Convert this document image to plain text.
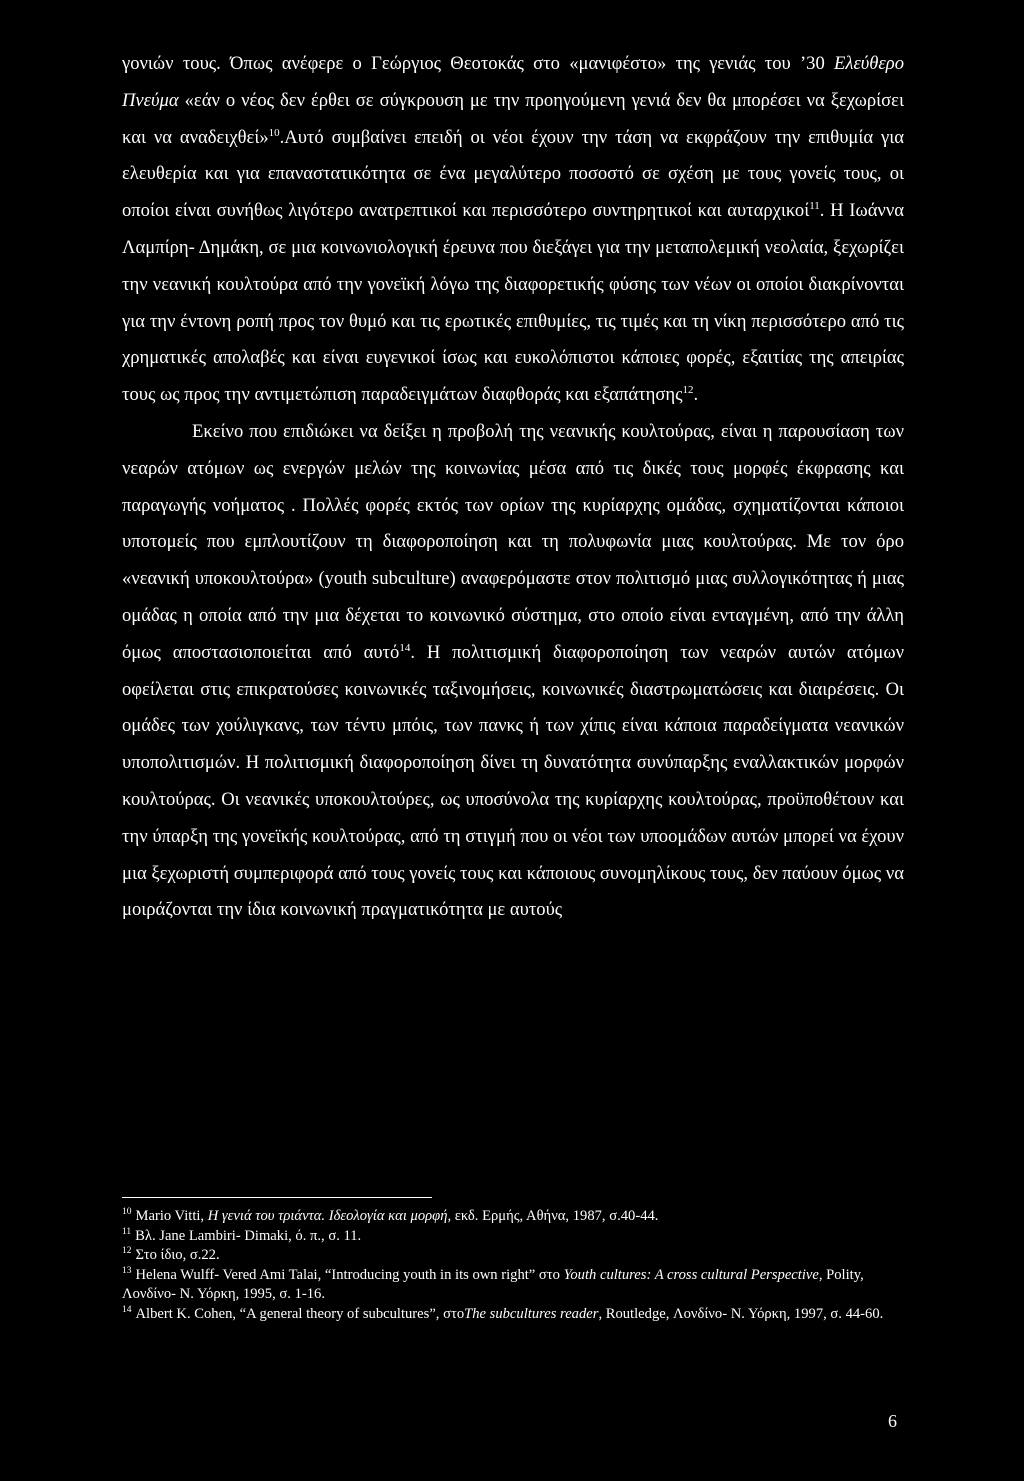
γονιών τους. Όπως ανέφερε ο Γεώργιος Θεοτοκάς στο «μανιφέστο» της γενιάς του ’30 Ελεύθερο Πνεύμα «εάν ο νέος δεν έρθει σε σύγκρουση με την προηγούμενη γενιά δεν θα μπορέσει να ξεχωρίσει και να αναδειχθεί»$^{10}$.Αυτό συμβαίνει επειδή οι νέοι έχουν την τάση να εκφράζουν την επιθυμία για ελευθερία και για επαναστατικότητα σε ένα μεγαλύτερο ποσοστό σε σχέση με τους γονείς τους, οι οποίοι είναι συνήθως λιγότερο ανατρεπτικοί και περισσότερο συντηρητικοί και αυταρχικοί$^{11}$. Η Ιωάννα Λαμπίρη- Δημάκη, σε μια κοινωνιολογική έρευνα που διεξάγει για την μεταπολεμική νεολαία, ξεχωρίζει την νεανική κουλτούρα από την γονεϊκή λόγω της διαφορετικής φύσης των νέων οι οποίοι διακρίνονται για την έντονη ροπή προς τον θυμό και τις ερωτικές επιθυμίες, τις τιμές και τη νίκη περισσότερο από τις χρηματικές απολαβές και είναι ευγενικοί ίσως και ευκολόπιστοι κάποιες φορές, εξαιτίας της απειρίας τους ως προς την αντιμετώπιση παραδειγμάτων διαφθοράς και εξαπάτησης$^{12}$.

Εκείνο που επιδιώκει να δείξει η προβολή της νεανικής κουλτούρας, είναι η παρουσίαση των νεαρών ατόμων ως ενεργών μελών της κοινωνίας μέσα από τις δικές τους μορφές έκφρασης και παραγωγής νοήματος . Πολλές φορές εκτός των ορίων της κυρίαρχης ομάδας, σχηματίζονται κάποιοι υποτομείς που εμπλουτίζουν τη διαφοροποίηση και τη πολυφωνία μιας κουλτούρας. Με τον όρο «νεανική υποκουλτούρα» (youth subculture) αναφερόμαστε στον πολιτισμό μιας συλλογικότητας ή μιας ομάδας η οποία από την μια δέχεται το κοινωνικό σύστημα, στο οποίο είναι ενταγμένη, από την άλλη όμως αποστασιοποιείται από αυτό$^{14}$. Η πολιτισμική διαφοροποίηση των νεαρών αυτών ατόμων οφείλεται στις επικρατούσες κοινωνικές ταξινομήσεις, κοινωνικές διαστρωματώσεις και διαιρέσεις. Οι ομάδες των χούλιγκανς, των τέντυ μπόις, των πανκς ή των χίπις είναι κάποια παραδείγματα νεανικών υποπολιτισμών. Η πολιτισμική διαφοροποίηση δίνει τη δυνατότητα συνύπαρξης εναλλακτικών μορφών κουλτούρας. Οι νεανικές υποκουλτούρες, ως υποσύνολα της κυρίαρχης κουλτούρας, προϋποθέτουν και την ύπαρξη της γονεϊκής κουλτούρας, από τη στιγμή που οι νέοι των υποομάδων αυτών μπορεί να έχουν μια ξεχωριστή συμπεριφορά από τους γονείς τους και κάποιους συνομηλίκους τους, δεν παύουν όμως να μοιράζονται την ίδια κοινωνική πραγματικότητα με αυτούς

$^{10}$ Mario Vitti, Η γενιά του τριάντα. Ιδεολογία και μορφή, εκδ. Ερμής, Αθήνα, 1987, σ.40-44.

$^{11}$ Βλ. Jane Lambiri- Dimaki, ό. π., σ. 11.

$^{12}$ Στο ίδιο, σ.22.

$^{13}$ Helena Wulff- Vered Ami Talai, “Introducing youth in its own right” στο Youth cultures: A cross cultural Perspective, Polity, Λονδίνο- Ν. Υόρκη, 1995, σ. 1-16.

$^{14}$ Albert K. Cohen, “A general theory of subcultures”, στοThe subcultures reader, Routledge, Λονδίνο- Ν. Υόρκη, 1997, σ. 44-60.

6
